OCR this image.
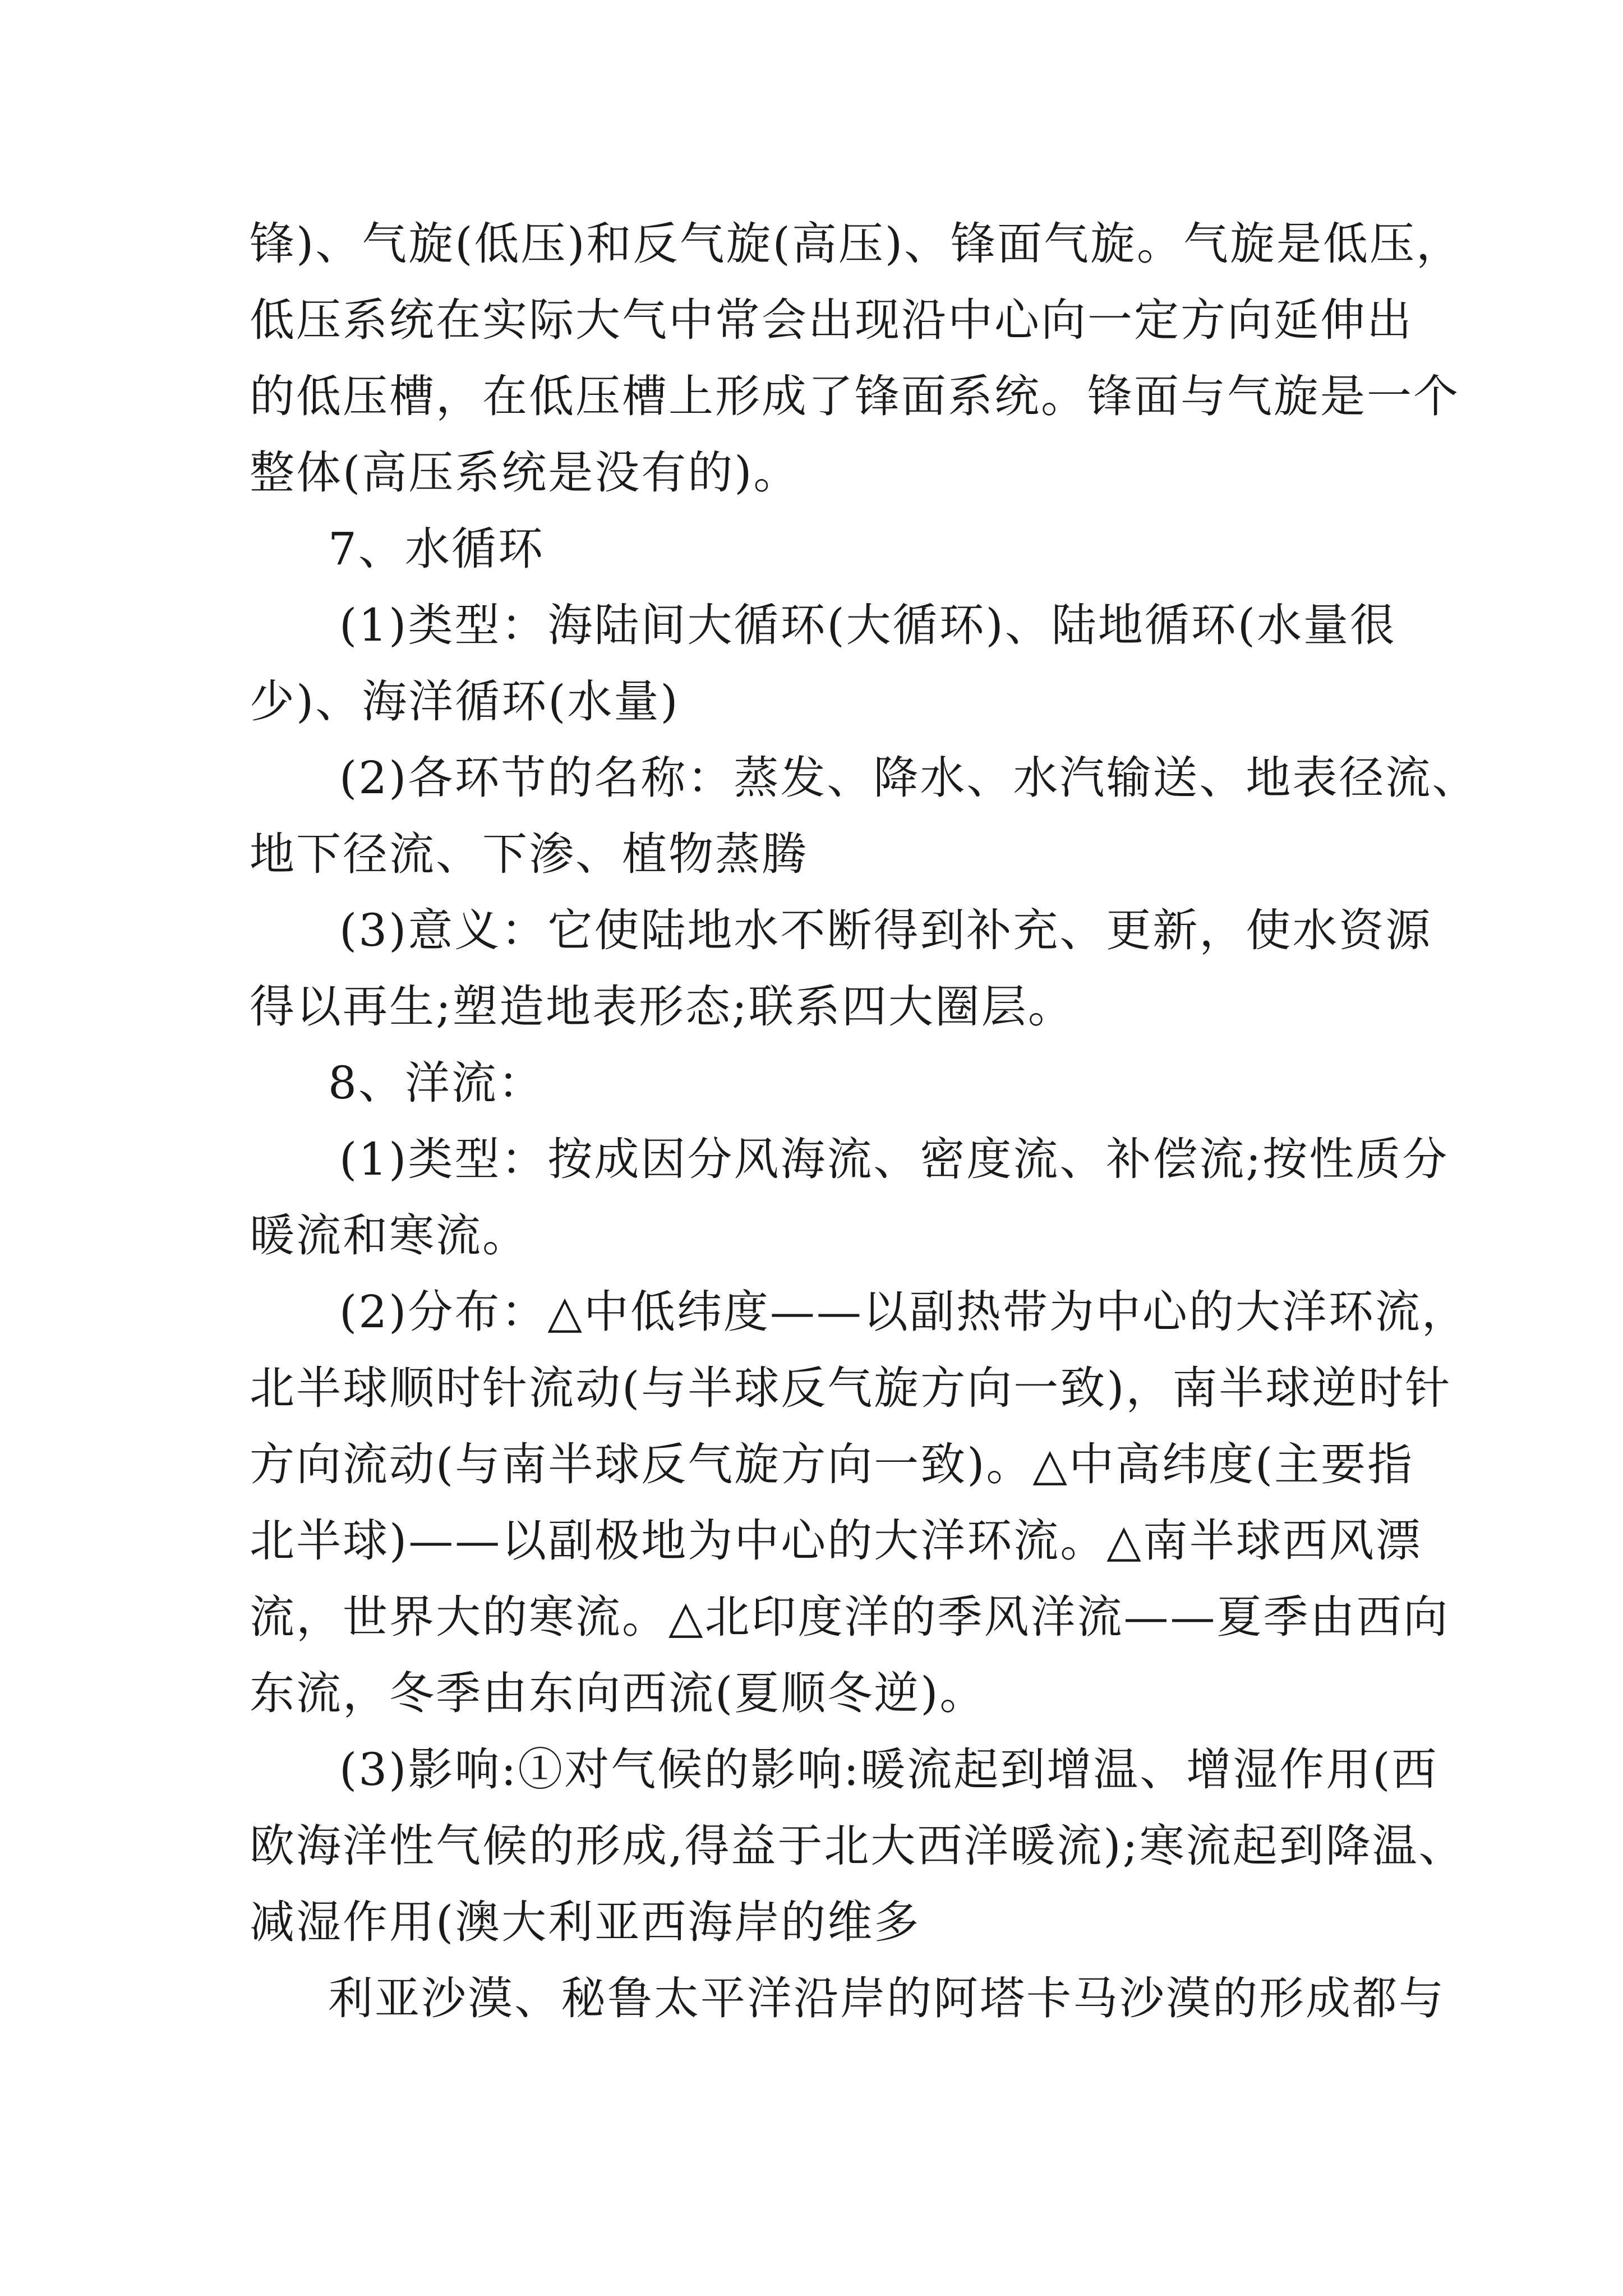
锋)、气旋(低压)和反气旋(高压)、锋面气旋。气旋是低压，
低压系统在实际大气中常会出现沿中心向一定方向延伸出
的低压槽，在低压槽上形成了锋面系统。锋面与气旋是一个
整体(高压系统是没有的)。
7、水循环
(1)类型：海陆间大循环(大循环)、陆地循环(水量很
少)、海洋循环(水量)
(2)各环节的名称：蒸发、降水、水汽输送、地表径流、
地下径流、下渗、植物蒸腾
(3)意义：它使陆地水不断得到补充、更新，使水资源
得以再生;塑造地表形态;联系四大圈层。
8、洋流：
(1)类型：按成因分风海流、密度流、补偿流;按性质分
暖流和寒流。
(2)分布：△中低纬度——以副热带为中心的大洋环流，
北半球顺时针流动(与半球反气旋方向一致)，南半球逆时针
方向流动(与南半球反气旋方向一致)。△中高纬度(主要指
北半球)——以副极地为中心的大洋环流。△南半球西风漂
流，世界大的寒流。△北印度洋的季风洋流——夏季由西向
东流，冬季由东向西流(夏顺冬逆)。
(3)影响:①对气候的影响:暖流起到增温、增湿作用(西
欧海洋性气候的形成,得益于北大西洋暖流);寒流起到降温、
减湿作用(澳大利亚西海岸的维多
利亚沙漠、秘鲁太平洋沿岸的阿塔卡马沙漠的形成都与
